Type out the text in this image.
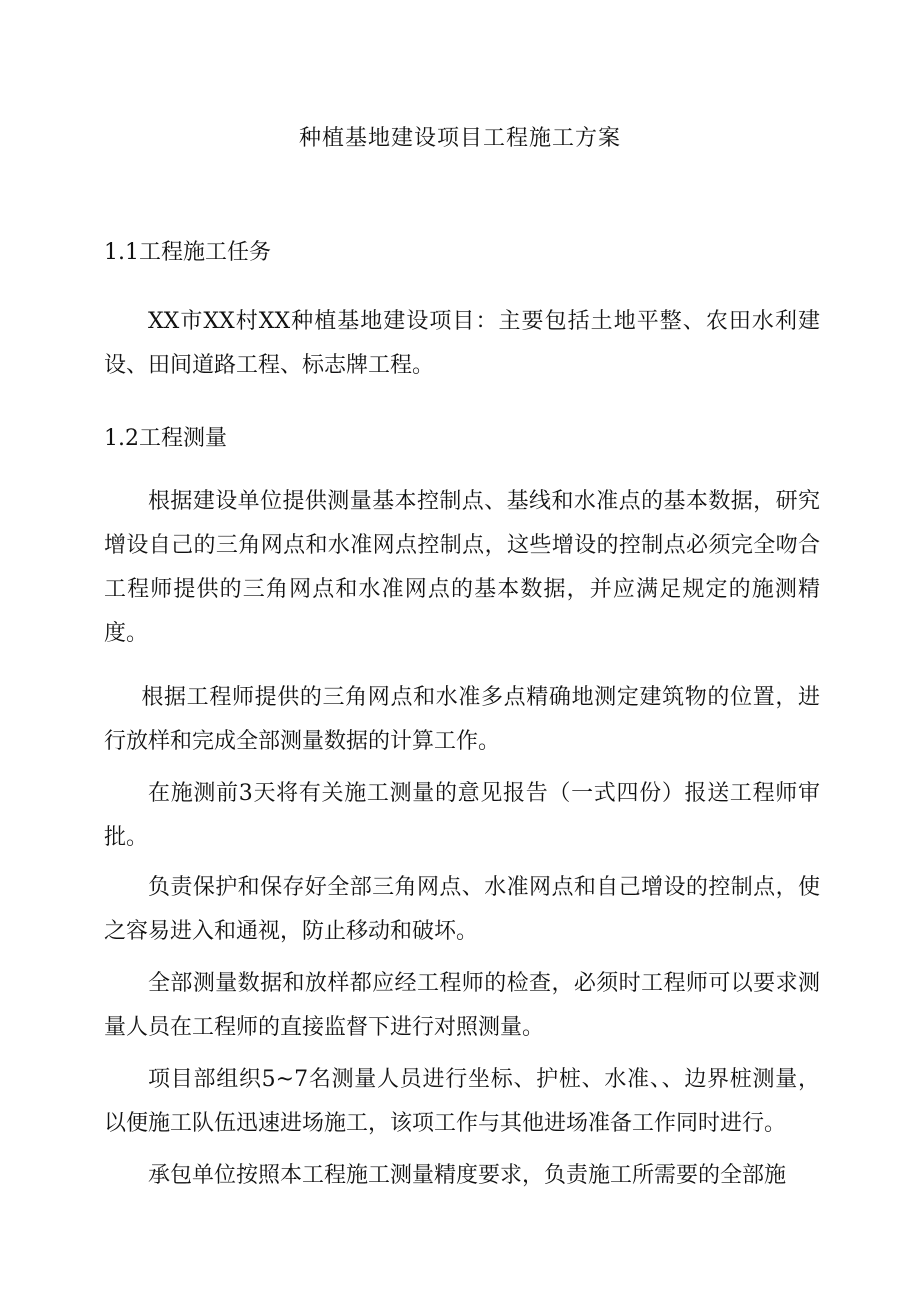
种植基地建设项目工程施工方案
1.1工程施工任务

XX市XX村XX种植基地建设项目：主要包括土地平整、农田水利建设、田间道路工程、标志牌工程。

1.2工程测量

根据建设单位提供测量基本控制点、基线和水准点的基本数据，研究增设自己的三角网点和水准网点控制点，这些增设的控制点必须完全吻合工程师提供的三角网点和水准网点的基本数据，并应满足规定的施测精度。

根据工程师提供的三角网点和水准多点精确地测定建筑物的位置，进行放样和完成全部测量数据的计算工作。

在施测前3天将有关施工测量的意见报告（一式四份）报送工程师审批。

负责保护和保存好全部三角网点、水准网点和自己增设的控制点，使之容易进入和通视，防止移动和破坏。

全部测量数据和放样都应经工程师的检查，必须时工程师可以要求测量人员在工程师的直接监督下进行对照测量。

项目部组织5~7名测量人员进行坐标、护桩、水准、、边界桩测量，以便施工队伍迅速进场施工，该项工作与其他进场准备工作同时进行。

承包单位按照本工程施工测量精度要求，负责施工所需要的全部施
